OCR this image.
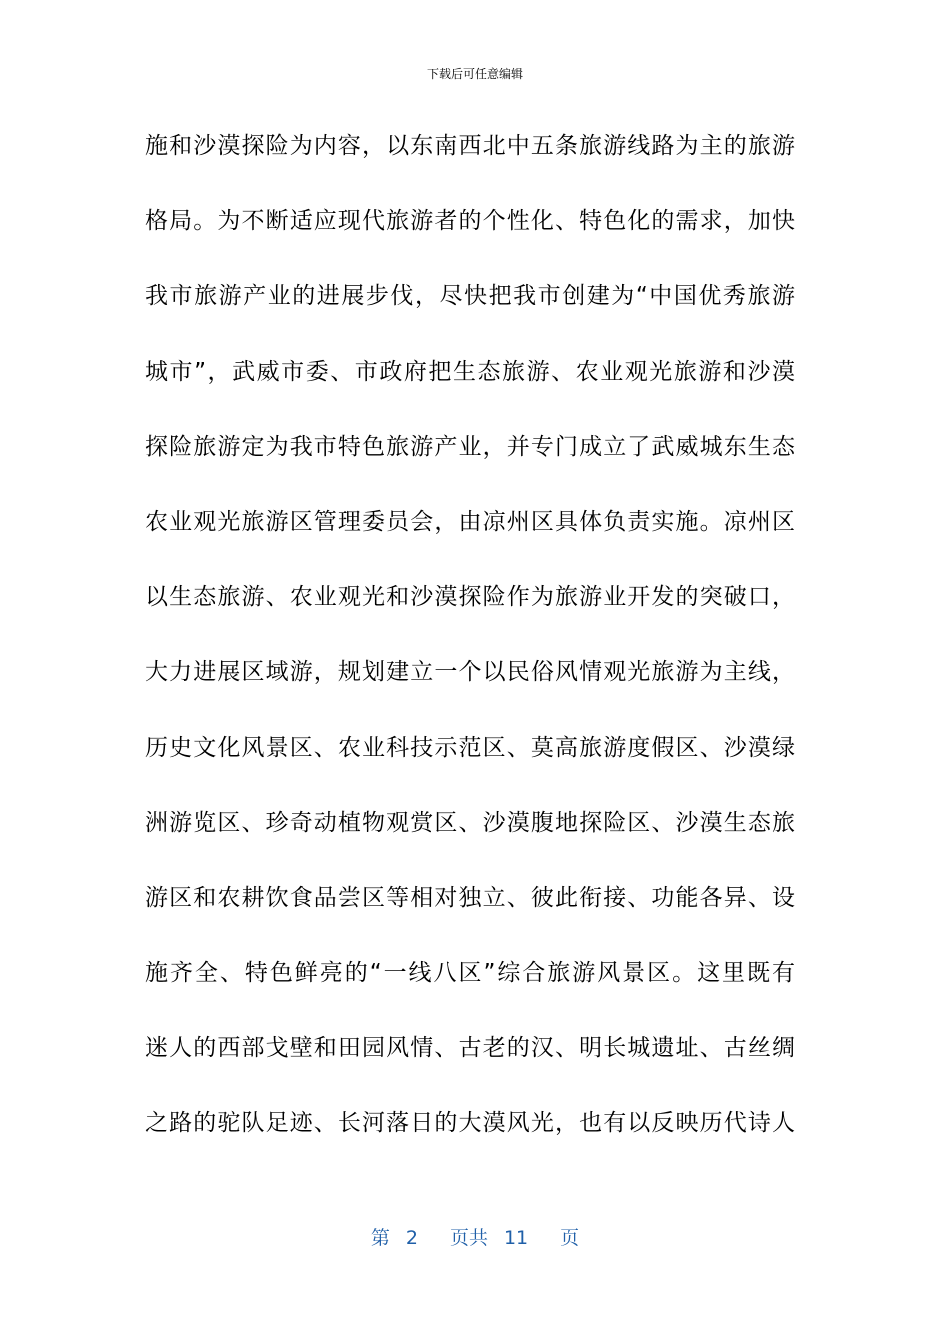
下载后可任意编辑
施和沙漠探险为内容，以东南西北中五条旅游线路为主的旅游
格局。为不断适应现代旅游者的个性化、特色化的需求，加快
我市旅游产业的进展步伐，尽快把我市创建为“中国优秀旅游
城市”，武威市委、市政府把生态旅游、农业观光旅游和沙漠
探险旅游定为我市特色旅游产业，并专门成立了武威城东生态
农业观光旅游区管理委员会，由凉州区具体负责实施。凉州区
以生态旅游、农业观光和沙漠探险作为旅游业开发的突破口，
大力进展区域游，规划建立一个以民俗风情观光旅游为主线，
历史文化风景区、农业科技示范区、莫高旅游度假区、沙漠绿
洲游览区、珍奇动植物观赏区、沙漠腹地探险区、沙漠生态旅
游区和农耕饮食品尝区等相对独立、彼此衔接、功能各异、设
施齐全、特色鲜亮的“一线八区”综合旅游风景区。这里既有
迷人的西部戈壁和田园风情、古老的汉、明长城遗址、古丝绸
之路的驼队足迹、长河落日的大漠风光，也有以反映历代诗人
第 2 页共 11 页
